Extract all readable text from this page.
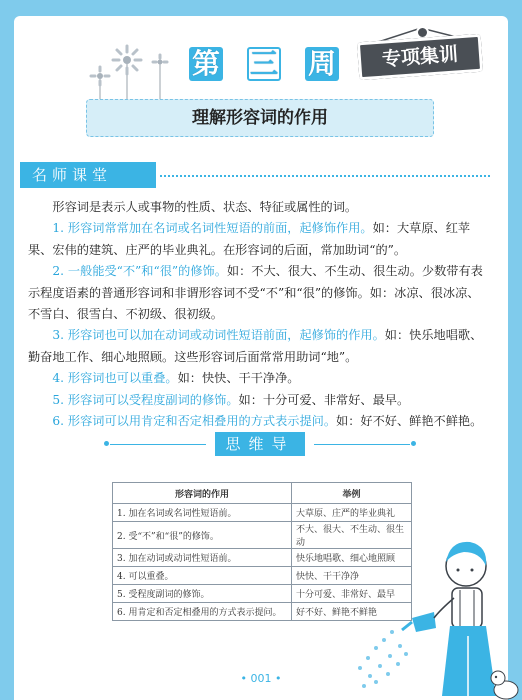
第 三 周	专项集训
理解形容词的作用
名师课堂

形容词是表示人或事物的性质、状态、特征或属性的词。

1. 形容词常常加在名词或名词性短语的前面，起修饰作用。如：大草原、红苹果、宏伟的建筑、庄严的毕业典礼。在形容词的后面，常加助词“的”。

2. 一般能受“不”和“很”的修饰。如：不大、很大、不生动、很生动。少数带有表示程度语素的普通形容词和非谓形容词不受“不”和“很”的修饰。如：冰凉、很冰凉、不雪白、很雪白、不初级、很初级。

3. 形容词也可以加在动词或动词性短语前面，起修饰的作用。如：快乐地唱歌、勤奋地工作、细心地照顾。这些形容词后面常常用助词“地”。

4. 形容词也可以重叠。如：快快、干干净净。

5. 形容词可以受程度副词的修饰。如：十分可爱、非常好、最早。

6. 形容词可以用肯定和否定相叠用的方式表示提问。如：好不好、鲜艳不鲜艳。

思维导图
形容词的作用	举例
1. 加在名词或名词性短语前。	大草原、庄严的毕业典礼
2. 受“不”和“很”的修饰。	不大、很大、不生动、很生动
3. 加在动词或动词性短语前。	快乐地唱歌、细心地照顾
4. 可以重叠。	快快、干干净净
5. 受程度副词的修饰。	十分可爱、非常好、最早
6. 用肯定和否定相叠用的方式表示提问。	好不好、鲜艳不鲜艳
• 001 •
